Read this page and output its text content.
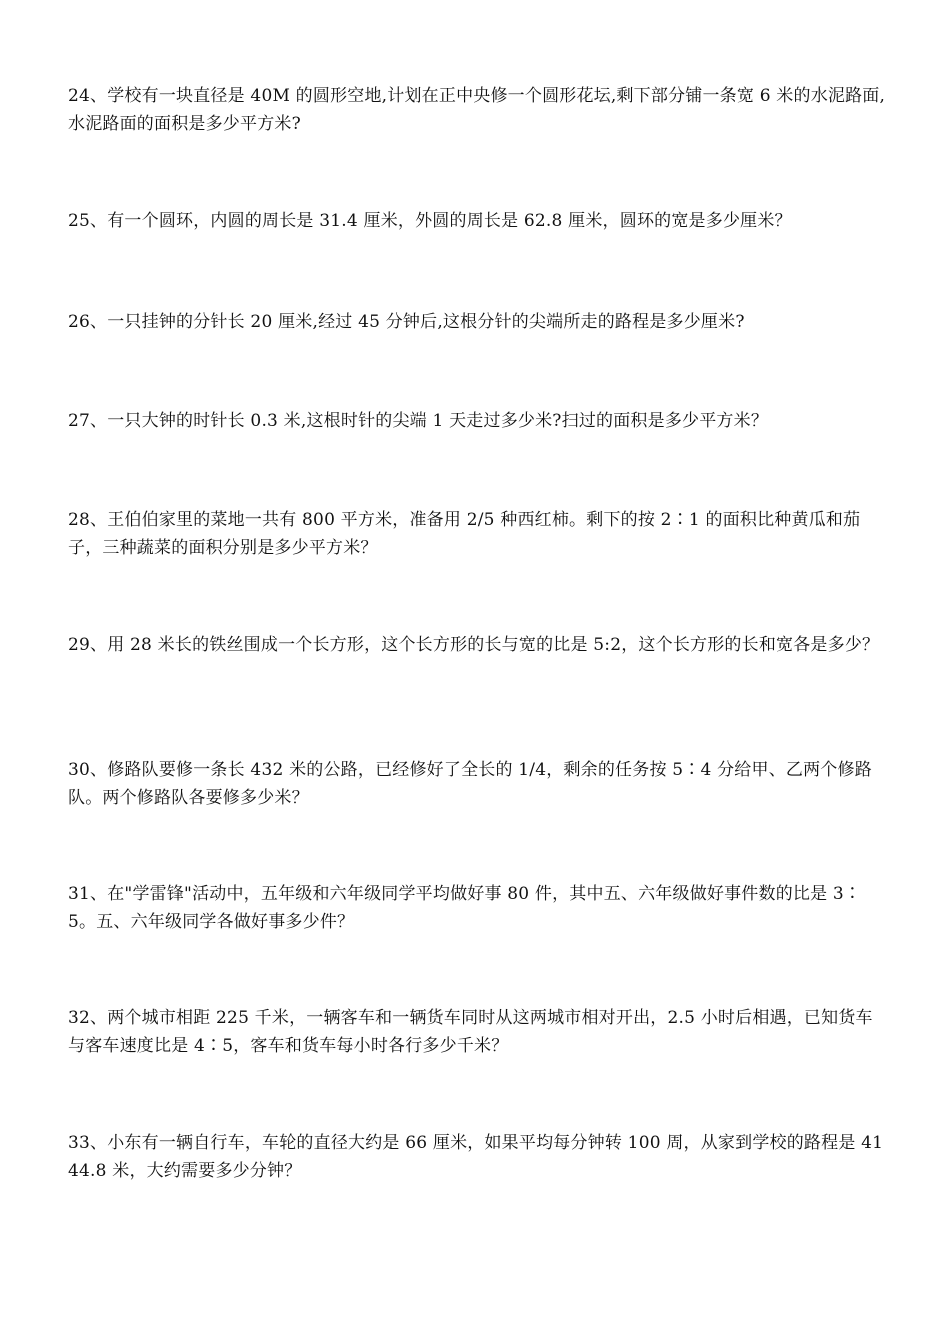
24、学校有一块直径是 40M 的圆形空地,计划在正中央修一个圆形花坛,剩下部分铺一条宽 6 米的水泥路面,水泥路面的面积是多少平方米?

25、有一个圆环，内圆的周长是 31.4 厘米，外圆的周长是 62.8 厘米，圆环的宽是多少厘米？

26、一只挂钟的分针长 20 厘米,经过 45 分钟后,这根分针的尖端所走的路程是多少厘米?

27、一只大钟的时针长 0.3 米,这根时针的尖端 1 天走过多少米?扫过的面积是多少平方米？

28、王伯伯家里的菜地一共有 800 平方米，准备用 2/5 种西红柿。剩下的按 2∶1 的面积比种黄瓜和茄子，三种蔬菜的面积分别是多少平方米？

29、用 28 米长的铁丝围成一个长方形，这个长方形的长与宽的比是 5:2，这个长方形的长和宽各是多少？

30、修路队要修一条长 432 米的公路，已经修好了全长的 1/4，剩余的任务按 5∶4 分给甲、乙两个修路队。两个修路队各要修多少米？

31、在"学雷锋"活动中，五年级和六年级同学平均做好事 80 件，其中五、六年级做好事件数的比是 3∶5。五、六年级同学各做好事多少件？

32、两个城市相距 225 千米，一辆客车和一辆货车同时从这两城市相对开出，2.5 小时后相遇，已知货车与客车速度比是 4∶5，客车和货车每小时各行多少千米？

33、小东有一辆自行车，车轮的直径大约是 66 厘米，如果平均每分钟转 100 周，从家到学校的路程是 4144.8 米，大约需要多少分钟？
